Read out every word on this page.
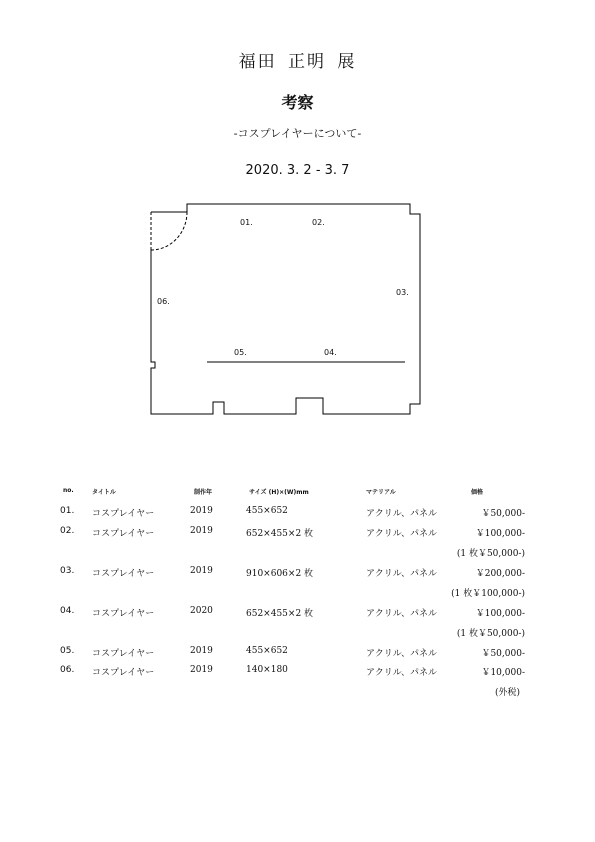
福田 正明 展
考察
-コスプレイヤーについて-
2020. 3. 2 - 3. 7
01.	02.
03.
04.
05.
06.
no.	タイトル	制作年	サイズ (H)×(W)mm	マテリアル	価格
01. コスプレイヤー	2019	455×652	アクリル、パネル	￥50,000-
02. コスプレイヤー	2019	652×455×2 枚	アクリル、パネル	￥100,000-
(1 枚￥50,000-)
03. コスプレイヤー	2019	910×606×2 枚	アクリル、パネル	￥200,000-
(1 枚￥100,000-)
04. コスプレイヤー	2020	652×455×2 枚	アクリル、パネル	￥100,000-
(1 枚￥50,000-)
05. コスプレイヤー	2019	455×652	アクリル、パネル	￥50,000-
06. コスプレイヤー	2019	140×180	アクリル、パネル	￥10,000-
(外税)
